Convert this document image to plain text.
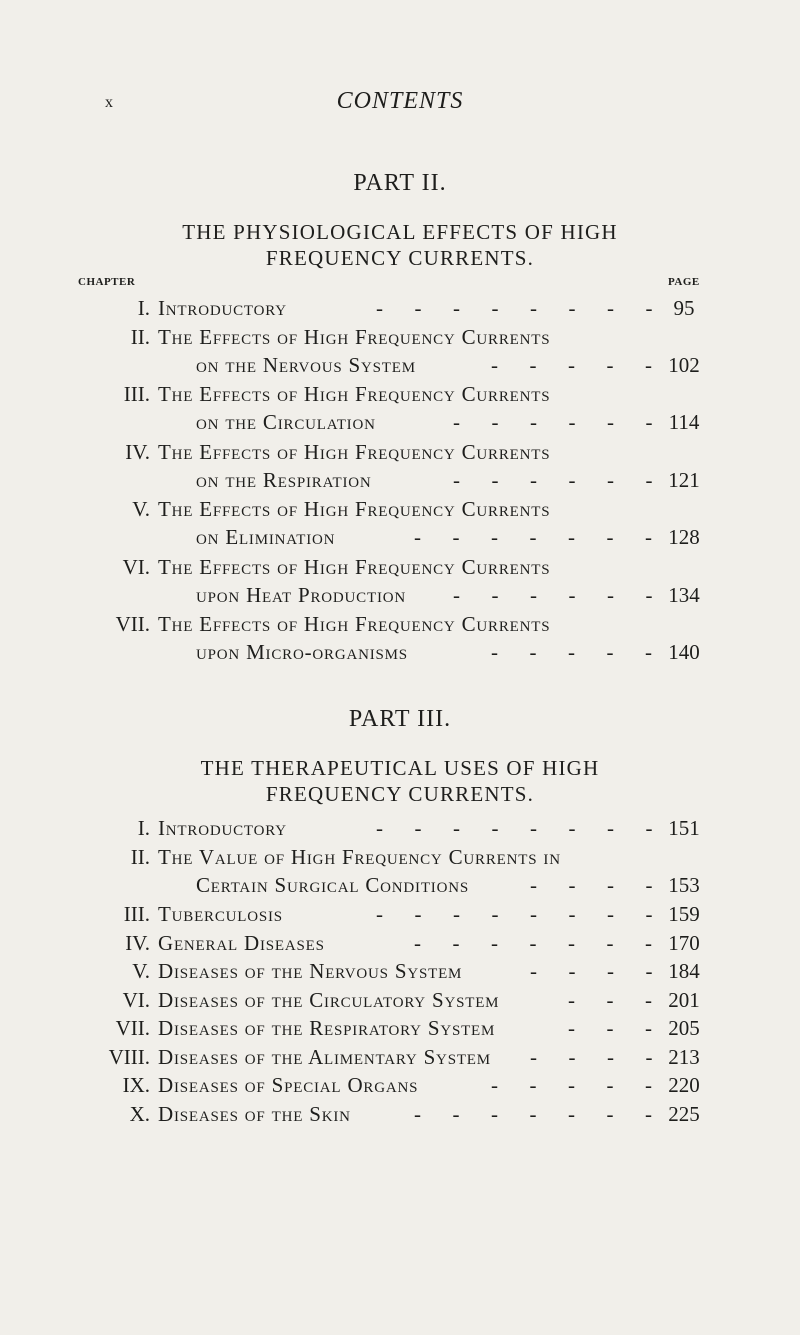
x	CONTENTS
PART II.
THE PHYSIOLOGICAL EFFECTS OF HIGH
FREQUENCY CURRENTS.
CHAPTER	PAGE
I. Introductory	95
-      -      -      -      -      -      -      -
II. The Effects of High Frequency Currents
on the Nervous System	102
-      -      -      -      -
III. The Effects of High Frequency Currents
on the Circulation	114
-      -      -      -      -      -
IV. The Effects of High Frequency Currents
on the Respiration	121
-      -      -      -      -      -
V. The Effects of High Frequency Currents
on Elimination	128
-      -      -      -      -      -      -
VI. The Effects of High Frequency Currents
upon Heat Production	134
-      -      -      -      -      -
VII. The Effects of High Frequency Currents
upon Micro-organisms	140
-      -      -      -      -
PART III.
THE THERAPEUTICAL USES OF HIGH
FREQUENCY CURRENTS.
I. Introductory	151
-      -      -      -      -      -      -      -
II. The Value of High Frequency Currents in
Certain Surgical Conditions	153
-      -      -      -
III. Tuberculosis	159
-      -      -      -      -      -      -      -
IV. General Diseases	170
-      -      -      -      -      -      -
V. Diseases of the Nervous System	184
-      -      -      -
VI. Diseases of the Circulatory System	201
-      -      -
VII. Diseases of the Respiratory System	205
-      -      -
VIII. Diseases of the Alimentary System	213
-      -      -      -
IX. Diseases of Special Organs	220
-      -      -      -      -
X. Diseases of the Skin	225
-      -      -      -      -      -      -
